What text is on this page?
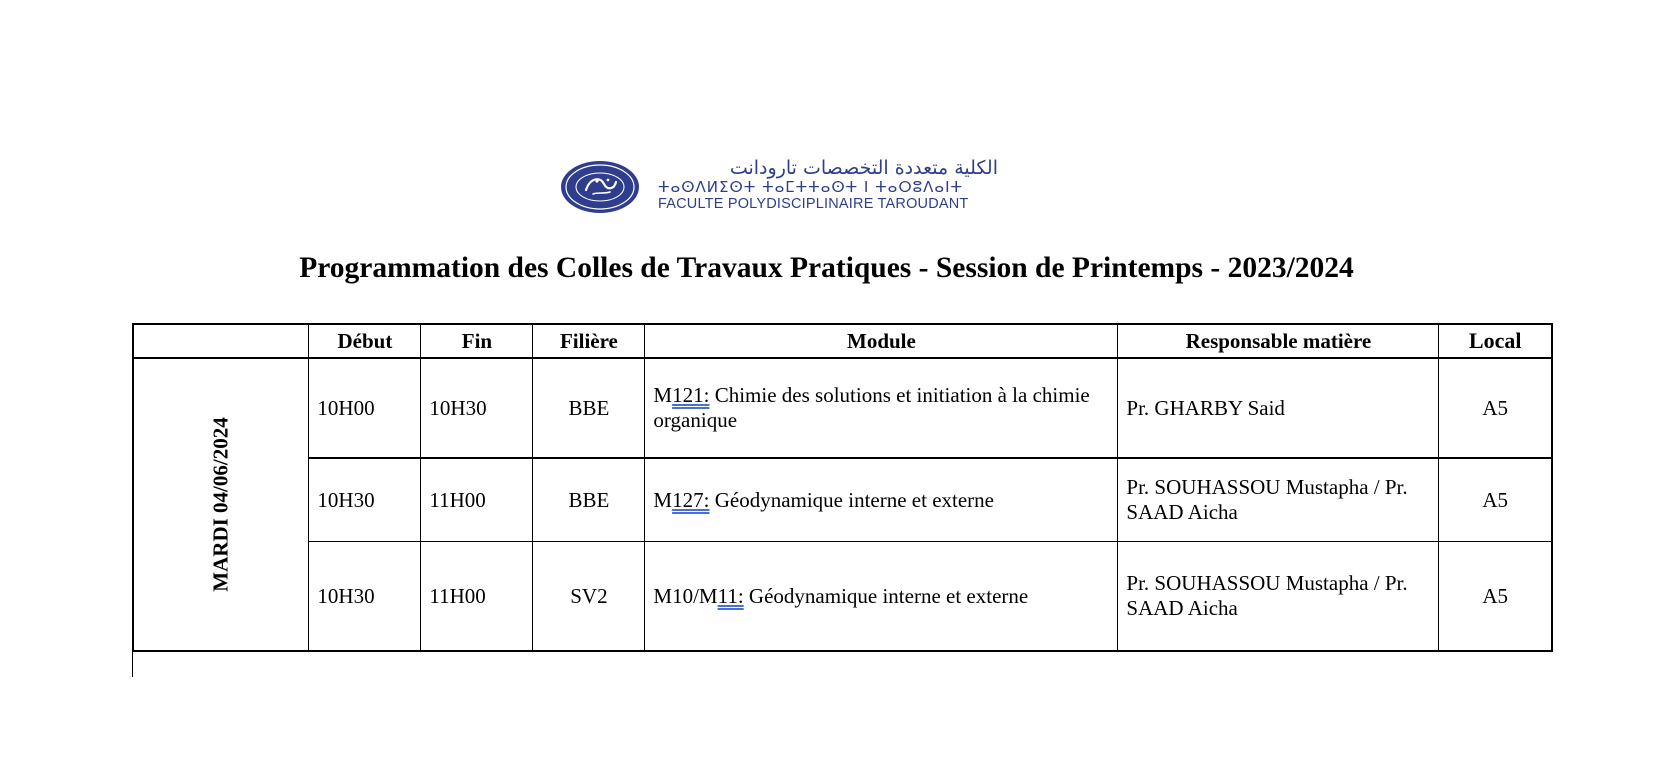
الكلية متعددة التخصصات تارودانت
ⵜⴰⵙⴷⵍⵉⵙⵜ ⵜⴰⵎⵜⵜⴰⵙⵜ ⵏ ⵜⴰⵔⵓⴷⴰⵏⵜ
FACULTE POLYDISCIPLINAIRE TAROUDANT
Programmation des Colles de Travaux Pratiques - Session de Printemps - 2023/2024
	Début	Fin	Filière	Module	Responsable matière	Local
MARDI 04/06/2024	10H00	10H30	BBE	M121: Chimie des solutions et initiation à la chimie organique	Pr. GHARBY Said	A5
	10H30	11H00	BBE	M127: Géodynamique interne et externe	Pr. SOUHASSOU Mustapha / Pr. SAAD Aicha	A5
	10H30	11H00	SV2	M10/M11: Géodynamique interne et externe	Pr. SOUHASSOU Mustapha / Pr. SAAD Aicha	A5
